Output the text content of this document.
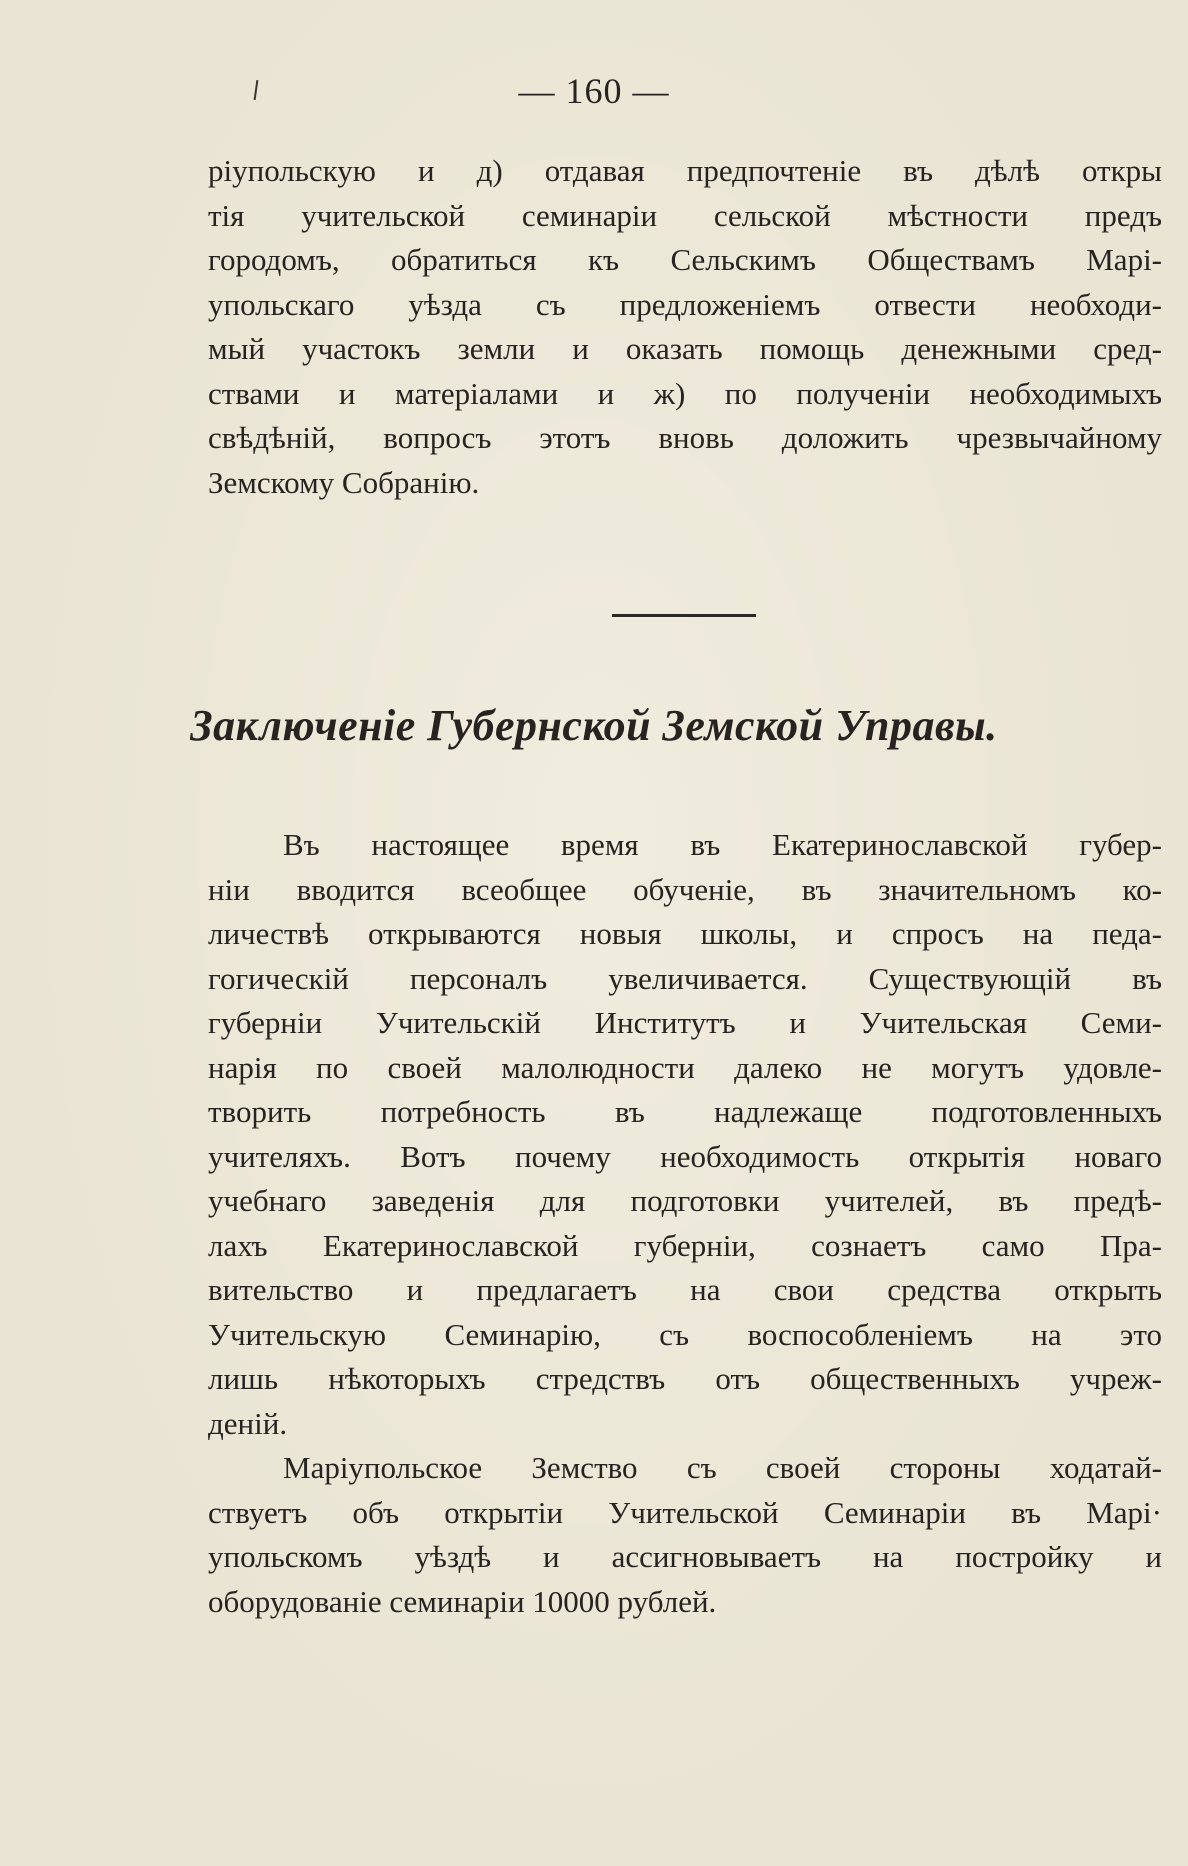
— 160 —
ріупольскую и д) отдавая предпочтеніе въ дѣлѣ откры
тія учительской семинаріи сельской мѣстности предъ
городомъ, обратиться къ Сельскимъ Обществамъ Марі-
упольскаго уѣзда съ предложеніемъ отвести необходи-
мый участокъ земли и оказать помощь денежными сред-
ствами и матеріалами и ж) по полученіи необходимыхъ
свѣдѣній, вопросъ этотъ вновь доложить чрезвычайному
Земскому Собранію.
Заключеніе Губернской Земской Управы.
Въ настоящее время въ Екатеринославской губер-
ніи вводится всеобщее обученіе, въ значительномъ ко-
личествѣ открываются новыя школы, и спросъ на педа-
гогическій персоналъ увеличивается. Существующій въ
губерніи Учительскій Институтъ и Учительская Семи-
нарія по своей малолюдности далеко не могутъ удовле-
творить потребность въ надлежаще подготовленныхъ
учителяхъ. Вотъ почему необходимость открытія новаго
учебнаго заведенія для подготовки учителей, въ предѣ-
лахъ Екатеринославской губерніи, сознаетъ само Пра-
вительство и предлагаетъ на свои средства открыть
Учительскую Семинарію, съ воспособленіемъ на это
лишь нѣкоторыхъ стредствъ отъ общественныхъ учреж-
деній.
Маріупольское Земство съ своей стороны ходатай-
ствуетъ объ открытіи Учительской Семинаріи въ Марі·
упольскомъ уѣздѣ и ассигновываетъ на постройку и
оборудованіе семинаріи 10000 рублей.
